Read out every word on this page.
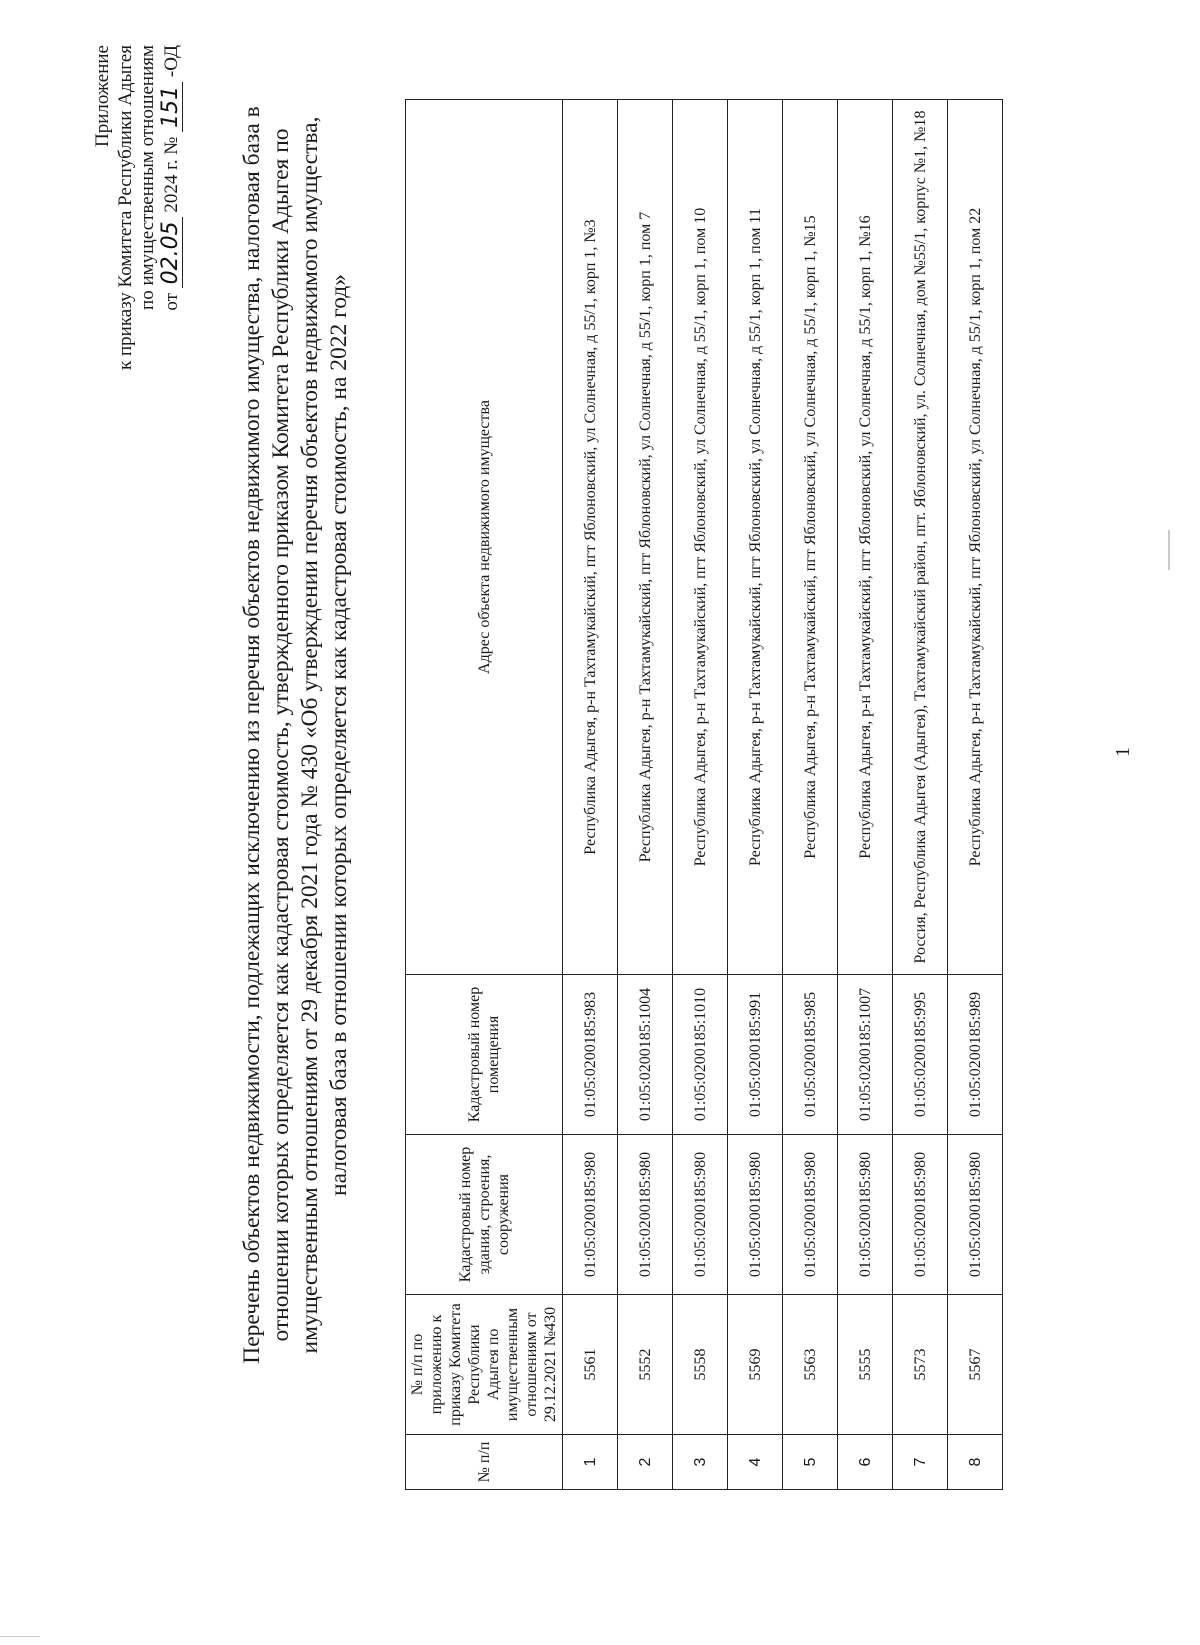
Приложение к приказу Комитета Республики Адыгея по имущественным отношениям от 02.05 2024 г. № 151 -ОД
Перечень объектов недвижимости, подлежащих исключению из перечня объектов недвижимого имущества, налоговая база в отношении которых определяется как кадастровая стоимость, утвержденного приказом Комитета Республики Адыгея по имущественным отношениям от 29 декабря 2021 года № 430 «Об утверждении перечня объектов недвижимого имущества, налоговая база в отношении которых определяется как кадастровая стоимость, на 2022 год»
№ п/п	№ п/п по приложению к приказу Комитета Республики Адыгея по имущественным отношениям от 29.12.2021 №430	Кадастровый номер здания, строения, сооружения	Кадастровый номер помещения	Адрес объекта недвижимого имущества
1	5561	01:05:0200185:980	01:05:0200185:983	Республика Адыгея, р-н Тахтамукайский, пгт Яблоновский, ул Солнечная, д 55/1, корп 1, №3
2	5552	01:05:0200185:980	01:05:0200185:1004	Республика Адыгея, р-н Тахтамукайский, пгт Яблоновский, ул Солнечная, д 55/1, корп 1, пом 7
3	5558	01:05:0200185:980	01:05:0200185:1010	Республика Адыгея, р-н Тахтамукайский, пгт Яблоновский, ул Солнечная, д 55/1, корп 1, пом 10
4	5569	01:05:0200185:980	01:05:0200185:991	Республика Адыгея, р-н Тахтамукайский, пгт Яблоновский, ул Солнечная, д 55/1, корп 1, пом 11
5	5563	01:05:0200185:980	01:05:0200185:985	Республика Адыгея, р-н Тахтамукайский, пгт Яблоновский, ул Солнечная, д 55/1, корп 1, №15
6	5555	01:05:0200185:980	01:05:0200185:1007	Республика Адыгея, р-н Тахтамукайский, пгт Яблоновский, ул Солнечная, д 55/1, корп 1, №16
7	5573	01:05:0200185:980	01:05:0200185:995	Россия, Республика Адыгея (Адыгея), Тахтамукайский район, пгт. Яблоновский, ул. Солнечная, дом №55/1, корпус №1, №18
8	5567	01:05:0200185:980	01:05:0200185:989	Республика Адыгея, р-н Тахтамукайский, пгт Яблоновский, ул Солнечная, д 55/1, корп 1, пом 22	1
